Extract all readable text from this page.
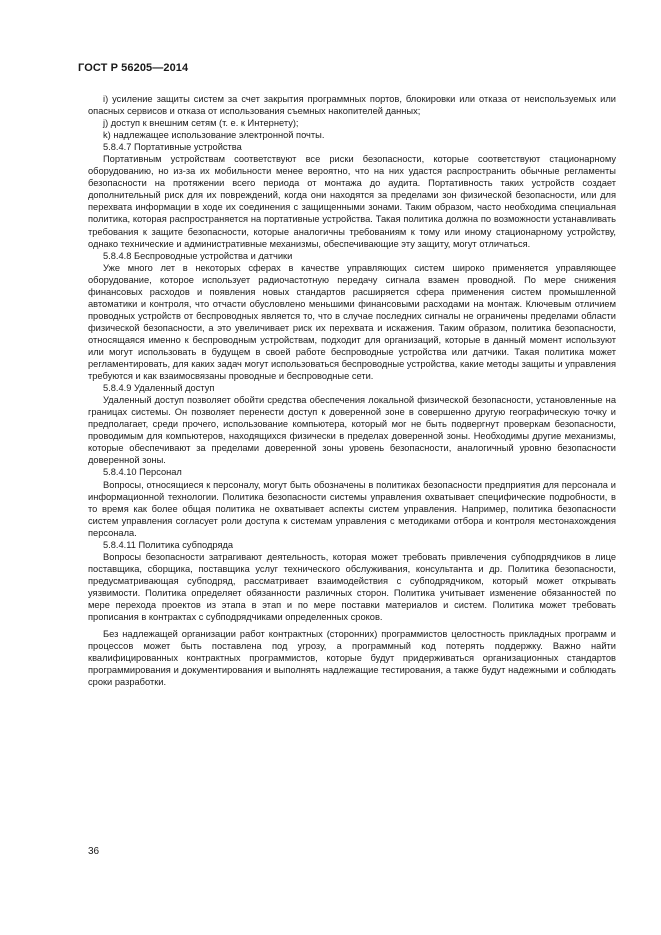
ГОСТ Р 56205—2014

i) усиление защиты систем за счет закрытия программных портов, блокировки или отказа от неиспользуемых или опасных сервисов и отказа от использования съемных накопителей данных;

j) доступ к внешним сетям (т. е. к Интернету);

k) надлежащее использование электронной почты.

5.8.4.7 Портативные устройства

Портативным устройствам соответствуют все риски безопасности, которые соответствуют стационарному оборудованию, но из-за их мобильности менее вероятно, что на них удастся распространить обычные регламенты безопасности на протяжении всего периода от монтажа до аудита. Портативность таких устройств создает дополнительный риск для их повреждений, когда они находятся за пределами зон физической безопасности, или для перехвата информации в ходе их соединения с защищенными зонами. Таким образом, часто необходима специальная политика, которая распространяется на портативные устройства. Такая политика должна по возможности устанавливать требования к защите безопасности, которые аналогичны требованиям к тому или иному стационарному устройству, однако технические и административные механизмы, обеспечивающие эту защиту, могут отличаться.

5.8.4.8 Беспроводные устройства и датчики

Уже много лет в некоторых сферах в качестве управляющих систем широко применяется управляющее оборудование, которое использует радиочастотную передачу сигнала взамен проводной. По мере снижения финансовых расходов и появления новых стандартов расширяется сфера применения систем промышленной автоматики и контроля, что отчасти обусловлено меньшими финансовыми расходами на монтаж. Ключевым отличием проводных устройств от беспроводных является то, что в случае последних сигналы не ограничены пределами области физической безопасности, а это увеличивает риск их перехвата и искажения. Таким образом, политика безопасности, относящаяся именно к беспроводным устройствам, подходит для организаций, которые в данный момент используют или могут использовать в будущем в своей работе беспроводные устройства или датчики. Такая политика может регламентировать, для каких задач могут использоваться беспроводные устройства, какие методы защиты и управления требуются и как взаимосвязаны проводные и беспроводные сети.

5.8.4.9 Удаленный доступ

Удаленный доступ позволяет обойти средства обеспечения локальной физической безопасности, установленные на границах системы. Он позволяет перенести доступ к доверенной зоне в совершенно другую географическую точку и предполагает, среди прочего, использование компьютера, который мог не быть подвергнут проверкам безопасности, проводимым для компьютеров, находящихся физически в пределах доверенной зоны. Необходимы другие механизмы, которые обеспечивают за пределами доверенной зоны уровень безопасности, аналогичный уровню безопасности доверенной зоны.

5.8.4.10 Персонал

Вопросы, относящиеся к персоналу, могут быть обозначены в политиках безопасности предприятия для персонала и информационной технологии. Политика безопасности системы управления охватывает специфические подробности, в то время как более общая политика не охватывает аспекты систем управления. Например, политика безопасности систем управления согласует роли доступа к системам управления с методиками отбора и контроля местонахождения персонала.

5.8.4.11 Политика субподряда

Вопросы безопасности затрагивают деятельность, которая может требовать привлечения субподрядчиков в лице поставщика, сборщика, поставщика услуг технического обслуживания, консультанта и др. Политика безопасности, предусматривающая субподряд, рассматривает взаимодействия с субподрядчиком, который может открывать уязвимости. Политика определяет обязанности различных сторон. Политика учитывает изменение обязанностей по мере перехода проектов из этапа в этап и по мере поставки материалов и систем. Политика может требовать прописания в контрактах с субподрядчиками определенных сроков.

Без надлежащей организации работ контрактных (сторонних) программистов целостность прикладных программ и процессов может быть поставлена под угрозу, а программный код потерять поддержку. Важно найти квалифицированных контрактных программистов, которые будут придерживаться организационных стандартов программирования и документирования и выполнять надлежащие тестирования, а также будут надежными и соблюдать сроки разработки.

36
